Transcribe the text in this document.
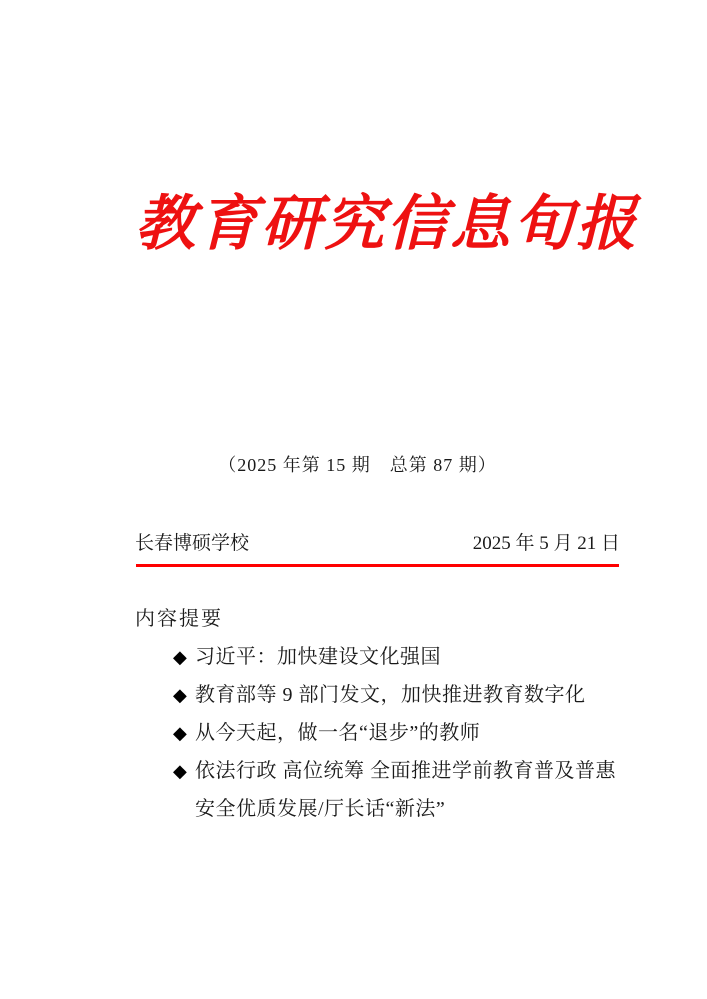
教育研究信息旬报
（2025 年第 15 期　总第 87 期）
长春博硕学校	2025 年 5 月 21 日
内容提要
◆ 习近平：加快建设文化强国
◆ 教育部等 9 部门发文，加快推进教育数字化
◆ 从今天起，做一名“退步”的教师
◆ 依法行政 高位统筹 全面推进学前教育普及普惠安全优质发展/厅长话“新法”
